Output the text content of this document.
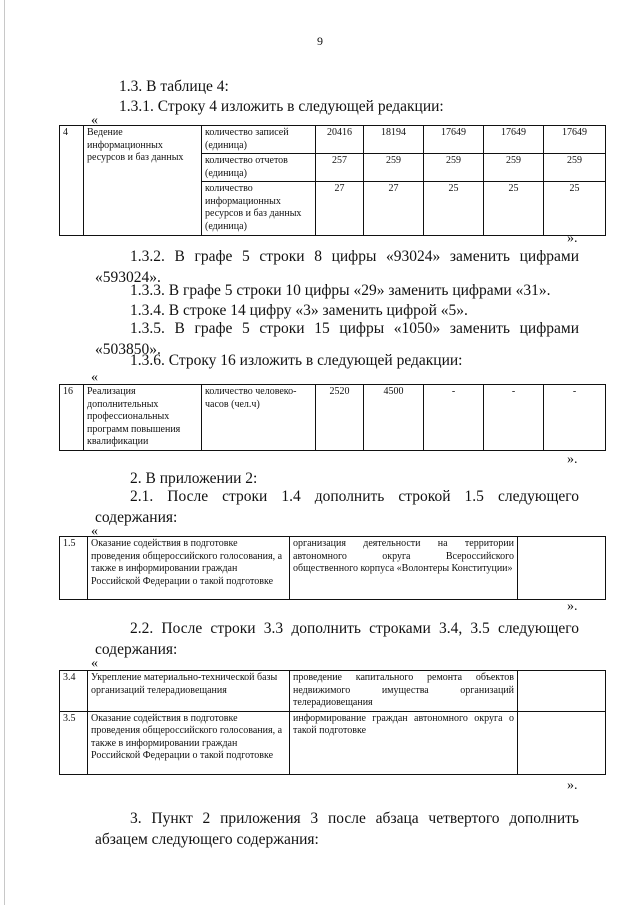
9

1.3. В таблице 4:

1.3.1. Строку 4 изложить в следующей редакции:

«
4	Ведение информационных ресурсов и баз данных	количество записей (единица)	20416	18194	17649	17649	17649
		количество отчетов (единица)	257	259	259	259	259
		количество информационных ресурсов и баз данных (единица)	27	27	25	25	25
».

1.3.2. В графе 5 строки 8 цифры «93024» заменить цифрами «593024».

1.3.3. В графе 5 строки 10 цифры «29» заменить цифрами «31».

1.3.4. В строке 14 цифру «3» заменить цифрой «5».

1.3.5. В графе 5 строки 15 цифры «1050» заменить цифрами «503850».

1.3.6. Строку 16 изложить в следующей редакции:

«
16	Реализация дополнительных профессиональных программ повышения квалификации	количество человеко-часов (чел.ч)	2520	4500	-	-	-
».

2. В приложении 2:

2.1. После строки 1.4 дополнить строкой 1.5 следующего содержания:

«
1.5	Оказание содействия в подготовке проведения общероссийского голосования, а также в информировании граждан Российской Федерации о такой подготовке	организация деятельности на территории автономного округа Всероссийского общественного корпуса «Волонтеры Конституции»	
».

2.2. После строки 3.3 дополнить строками 3.4, 3.5 следующего содержания:

«
3.4	Укрепление материально-технической базы организаций телерадиовещания	проведение капитального ремонта объектов недвижимого имущества организаций телерадиовещания	
3.5	Оказание содействия в подготовке проведения общероссийского голосования, а также в информировании граждан Российской Федерации о такой подготовке	информирование граждан автономного округа о такой подготовке	
».

3. Пункт 2 приложения 3 после абзаца четвертого дополнить абзацем следующего содержания:
